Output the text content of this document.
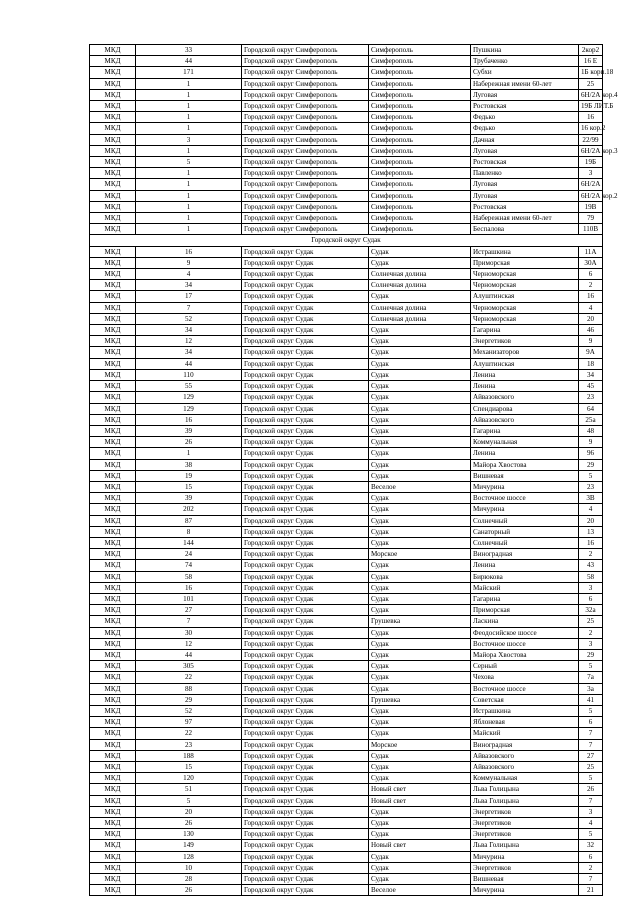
МКД	33	Городской округ Симферополь	Симферополь	Пушкина	2кор2
МКД	44	Городской округ Симферополь	Симферополь	Трубаченко	16 Е
МКД	171	Городской округ Симферополь	Симферополь	Субхи	1Б корп.18
МКД	1	Городской округ Симферополь	Симферополь	Набережная имени 60-лет	25
МКД	1	Городской округ Симферополь	Симферополь	Луговая	6Н/2А кор.4
МКД	1	Городской округ Симферополь	Симферополь	Ростовская	19Б ЛИТ.Б
МКД	1	Городской округ Симферополь	Симферополь	Федько	16
МКД	1	Городской округ Симферополь	Симферополь	Федько	16 кор.2
МКД	3	Городской округ Симферополь	Симферополь	Дачная	22/99
МКД	1	Городской округ Симферополь	Симферополь	Луговая	6Н/2А кор.3
МКД	5	Городской округ Симферополь	Симферополь	Ростовская	19Б
МКД	1	Городской округ Симферополь	Симферополь	Павленко	3
МКД	1	Городской округ Симферополь	Симферополь	Луговая	6Н/2А
МКД	1	Городской округ Симферополь	Симферополь	Луговая	6Н/2А кор.2
МКД	1	Городской округ Симферополь	Симферополь	Ростовская	19В
МКД	1	Городской округ Симферополь	Симферополь	Набережная имени 60-лет	79
МКД	1	Городской округ Симферополь	Симферополь	Беспалова	110В
Городской округ Судак					
МКД	16	Городской округ Судак	Судак	Истрашкина	11А
МКД	9	Городской округ Судак	Судак	Приморская	30А
МКД	4	Городской округ Судак	Солнечная долина	Черноморская	6
МКД	34	Городской округ Судак	Солнечная долина	Черноморская	2
МКД	17	Городской округ Судак	Судак	Алуштинская	16
МКД	7	Городской округ Судак	Солнечная долина	Черноморская	4
МКД	52	Городской округ Судак	Солнечная долина	Черноморская	20
МКД	34	Городской округ Судак	Судак	Гагарина	46
МКД	12	Городской округ Судак	Судак	Энергетиков	9
МКД	34	Городской округ Судак	Судак	Механизаторов	9А
МКД	44	Городской округ Судак	Судак	Алуштинская	18
МКД	110	Городской округ Судак	Судак	Ленина	34
МКД	55	Городской округ Судак	Судак	Ленина	45
МКД	129	Городской округ Судак	Судак	Айвазовского	23
МКД	129	Городской округ Судак	Судак	Спендиарова	64
МКД	16	Городской округ Судак	Судак	Айвазовского	25а
МКД	39	Городской округ Судак	Судак	Гагарина	48
МКД	26	Городской округ Судак	Судак	Коммунальная	9
МКД	1	Городской округ Судак	Судак	Ленина	96
МКД	38	Городской округ Судак	Судак	Майора Хвостова	29
МКД	19	Городской округ Судак	Судак	Вишневая	5
МКД	15	Городской округ Судак	Веселое	Мичурина	23
МКД	39	Городской округ Судак	Судак	Восточное шоссе	3В
МКД	202	Городской округ Судак	Судак	Мичурина	4
МКД	87	Городской округ Судак	Судак	Солнечный	20
МКД	8	Городской округ Судак	Судак	Санаторный	13
МКД	144	Городской округ Судак	Судак	Солнечный	16
МКД	24	Городской округ Судак	Морское	Виноградная	2
МКД	74	Городской округ Судак	Судак	Ленина	43
МКД	58	Городской округ Судак	Судак	Бирюкова	58
МКД	16	Городской округ Судак	Судак	Майский	3
МКД	101	Городской округ Судак	Судак	Гагарина	6
МКД	27	Городской округ Судак	Судак	Приморская	32а
МКД	7	Городской округ Судак	Грушевка	Ласкина	25
МКД	30	Городской округ Судак	Судак	Феодосийское шоссе	2
МКД	12	Городской округ Судак	Судак	Восточное шоссе	3
МКД	44	Городской округ Судак	Судак	Майора Хвостова	29
МКД	305	Городской округ Судак	Судак	Серный	5
МКД	22	Городской округ Судак	Судак	Чехова	7а
МКД	88	Городской округ Судак	Судак	Восточное шоссе	3а
МКД	29	Городской округ Судак	Грушевка	Советская	41
МКД	52	Городской округ Судак	Судак	Истрашкина	5
МКД	97	Городской округ Судак	Судак	Яблоневая	6
МКД	22	Городской округ Судак	Судак	Майский	7
МКД	23	Городской округ Судак	Морское	Виноградная	7
МКД	188	Городской округ Судак	Судак	Айвазовского	27
МКД	15	Городской округ Судак	Судак	Айвазовского	25
МКД	120	Городской округ Судак	Судак	Коммунальная	5
МКД	51	Городской округ Судак	Новый свет	Льва Голицына	26
МКД	5	Городской округ Судак	Новый свет	Льва Голицына	7
МКД	20	Городской округ Судак	Судак	Энергетиков	3
МКД	26	Городской округ Судак	Судак	Энергетиков	4
МКД	130	Городской округ Судак	Судак	Энергетиков	5
МКД	149	Городской округ Судак	Новый свет	Льва Голицына	32
МКД	128	Городской округ Судак	Судак	Мичурина	6
МКД	10	Городской округ Судак	Судак	Энергетиков	2
МКД	28	Городской округ Судак	Судак	Вишневая	7
МКД	26	Городской округ Судак	Веселое	Мичурина	21
